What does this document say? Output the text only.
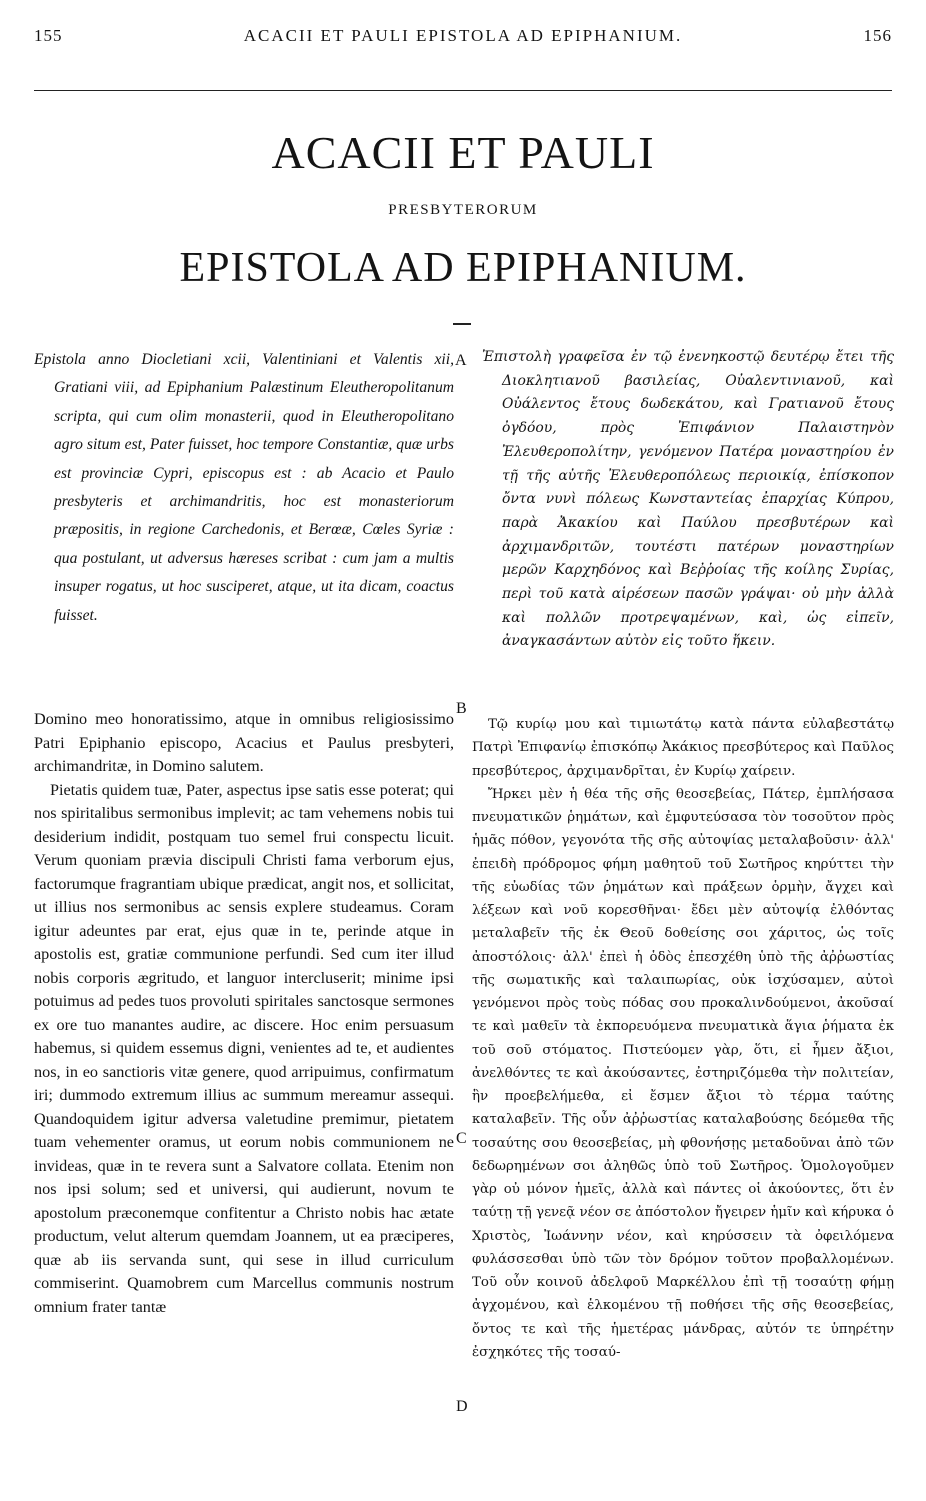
155	ACACII ET PAULI EPISTOLA AD EPIPHANIUM.	156
ACACII ET PAULI
PRESBYTERORUM
EPISTOLA AD EPIPHANIUM.

Epistola anno Diocletiani xcii, Valentiniani et Valentis xii, Gratiani viii, ad Epiphanium Palæstinum Eleutheropolitanum scripta, qui cum olim monasterii, quod in Eleutheropolitano agro situm est, Pater fuisset, hoc tempore Constantiæ, quæ urbs est provinciæ Cypri, episcopus est : ab Acacio et Paulo presbyteris et archimandritis, hoc est monasteriorum præpositis, in regione Carchedonis, et Berœæ, Cœles Syriæ : qua postulant, ut adversus hæreses scribat : cum jam a multis insuper rogatus, ut hoc susciperet, atque, ut ita dicam, coactus fuisset.

Ἐπιστολὴ γραφεῖσα ἐν τῷ ἐνενηκοστῷ δευτέρῳ ἔτει τῆς Διοκλητιανοῦ βασιλείας, Οὐαλεντινιανοῦ, καὶ Οὐάλεντος ἔτους δωδεκάτου, καὶ Γρατιανοῦ ἔτους ὀγδόου, πρὸς Ἐπιφάνιον Παλαιστηνὸν Ἐλευθεροπολίτην, γενόμενον Πατέρα μοναστηρίου ἐν τῇ τῆς αὐτῆς Ἐλευθεροπόλεως περιοικίᾳ, ἐπίσκοπον ὄντα νυνὶ πόλεως Κωνσταντείας ἐπαρχίας Κύπρου, παρὰ Ἀκακίου καὶ Παύλου πρεσβυτέρων καὶ ἀρχιμανδριτῶν, τουτέστι πατέρων μοναστηρίων μερῶν Καρχηδόνος καὶ Βεῤῥοίας τῆς κοίλης Συρίας, περὶ τοῦ κατὰ αἱρέσεων πασῶν γράψαι· οὐ μὴν ἀλλὰ καὶ πολλῶν προτρεψαμένων, καὶ, ὡς εἰπεῖν, ἀναγκασάντων αὐτὸν εἰς τοῦτο ἥκειν.

Domino meo honoratissimo, atque in omnibus religiosissimo Patri Epiphanio episcopo, Acacius et Paulus presbyteri, archimandritæ, in Domino salutem.

Pietatis quidem tuæ, Pater, aspectus ipse satis esse poterat; qui nos spiritalibus sermonibus implevit; ac tam vehemens nobis tui desiderium indidit, postquam tuo semel frui conspectu licuit. Verum quoniam prævia discipuli Christi fama verborum ejus, factorumque fragrantiam ubique prædicat, angit nos, et sollicitat, ut illius nos sermonibus ac sensis explere studeamus. Coram igitur adeuntes par erat, ejus quæ in te, perinde atque in apostolis est, gratiæ communione perfundi. Sed cum iter illud nobis corporis ægritudo, et languor intercluserit; minime ipsi potuimus ad pedes tuos provoluti spiritales sanctosque sermones ex ore tuo manantes audire, ac discere. Hoc enim persuasum habemus, si quidem essemus digni, venientes ad te, et audientes nos, in eo sanctioris vitæ genere, quod arripuimus, confirmatum iri; dummodo extremum illius ac summum mereamur assequi. Quandoquidem igitur adversa valetudine premimur, pietatem tuam vehementer oramus, ut eorum nobis communionem ne invideas, quæ in te revera sunt a Salvatore collata. Etenim non nos ipsi solum; sed et universi, qui audierunt, novum te apostolum præconemque confitentur a Christo nobis hac ætate productum, velut alterum quemdam Joannem, ut ea præciperes, quæ ab iis servanda sunt, qui sese in illud curriculum commiserint. Quamobrem cum Marcellus communis nostrum omnium frater tantæ

Τῷ κυρίῳ μου καὶ τιμιωτάτῳ κατὰ πάντα εὐλαβεστάτῳ Πατρὶ Ἐπιφανίῳ ἐπισκόπῳ Ἀκάκιος πρεσβύτερος καὶ Παῦλος πρεσβύτερος, ἀρχιμανδρῖται, ἐν Κυρίῳ χαίρειν.

Ἤρκει μὲν ἡ θέα τῆς σῆς θεοσεβείας, Πάτερ, ἐμπλήσασα πνευματικῶν ῥημάτων, καὶ ἐμφυτεύσασα τὸν τοσοῦτον πρὸς ἡμᾶς πόθον, γεγονότα τῆς σῆς αὐτοψίας μεταλαβοῦσιν· ἀλλ' ἐπειδὴ πρόδρομος φήμη μαθητοῦ τοῦ Σωτῆρος κηρύττει τὴν τῆς εὐωδίας τῶν ῥημάτων καὶ πράξεων ὁρμὴν, ἄγχει καὶ λέξεων καὶ νοῦ κορεσθῆναι· ἔδει μὲν αὐτοψίᾳ ἐλθόντας μεταλαβεῖν τῆς ἐκ Θεοῦ δοθείσης σοι χάριτος, ὡς τοῖς ἀποστόλοις· ἀλλ' ἐπεὶ ἡ ὁδὸς ἐπεσχέθη ὑπὸ τῆς ἀῤῥωστίας τῆς σωματικῆς καὶ ταλαιπωρίας, οὐκ ἰσχύσαμεν, αὐτοὶ γενόμενοι πρὸς τοὺς πόδας σου προκαλινδούμενοι, ἀκοῦσαί τε καὶ μαθεῖν τὰ ἐκπορευόμενα πνευματικὰ ἅγια ῥήματα ἐκ τοῦ σοῦ στόματος. Πιστεύομεν γὰρ, ὅτι, εἰ ἦμεν ἄξιοι, ἀνελθόντες τε καὶ ἀκούσαντες, ἐστηριζόμεθα τὴν πολιτείαν, ἣν προεβελήμεθα, εἰ ἔσμεν ἄξιοι τὸ τέρμα ταύτης καταλαβεῖν. Τῆς οὖν ἀῤῥωστίας καταλαβούσης δεόμεθα τῆς τοσαύτης σου θεοσεβείας, μὴ φθονήσῃς μεταδοῦναι ἀπὸ τῶν δεδωρημένων σοι ἀληθῶς ὑπὸ τοῦ Σωτῆρος. Ὁμολογοῦμεν γὰρ οὐ μόνον ἡμεῖς, ἀλλὰ καὶ πάντες οἱ ἀκούοντες, ὅτι ἐν ταύτῃ τῇ γενεᾷ νέον σε ἀπόστολον ἤγειρεν ἡμῖν καὶ κήρυκα ὁ Χριστὸς, Ἰωάννην νέον, καὶ κηρύσσειν τὰ ὀφειλόμενα φυλάσσεσθαι ὑπὸ τῶν τὸν δρόμον τοῦτον προβαλλομένων. Τοῦ οὖν κοινοῦ ἀδελφοῦ Μαρκέλλου ἐπὶ τῇ τοσαύτῃ φήμῃ ἀγχομένου, καὶ ἑλκομένου τῇ ποθήσει τῆς σῆς θεοσεβείας, ὄντος τε καὶ τῆς ἡμετέρας μάνδρας, αὐτόν τε ὑπηρέτην ἐσχηκότες τῆς τοσαύ-

A
B
C
D
